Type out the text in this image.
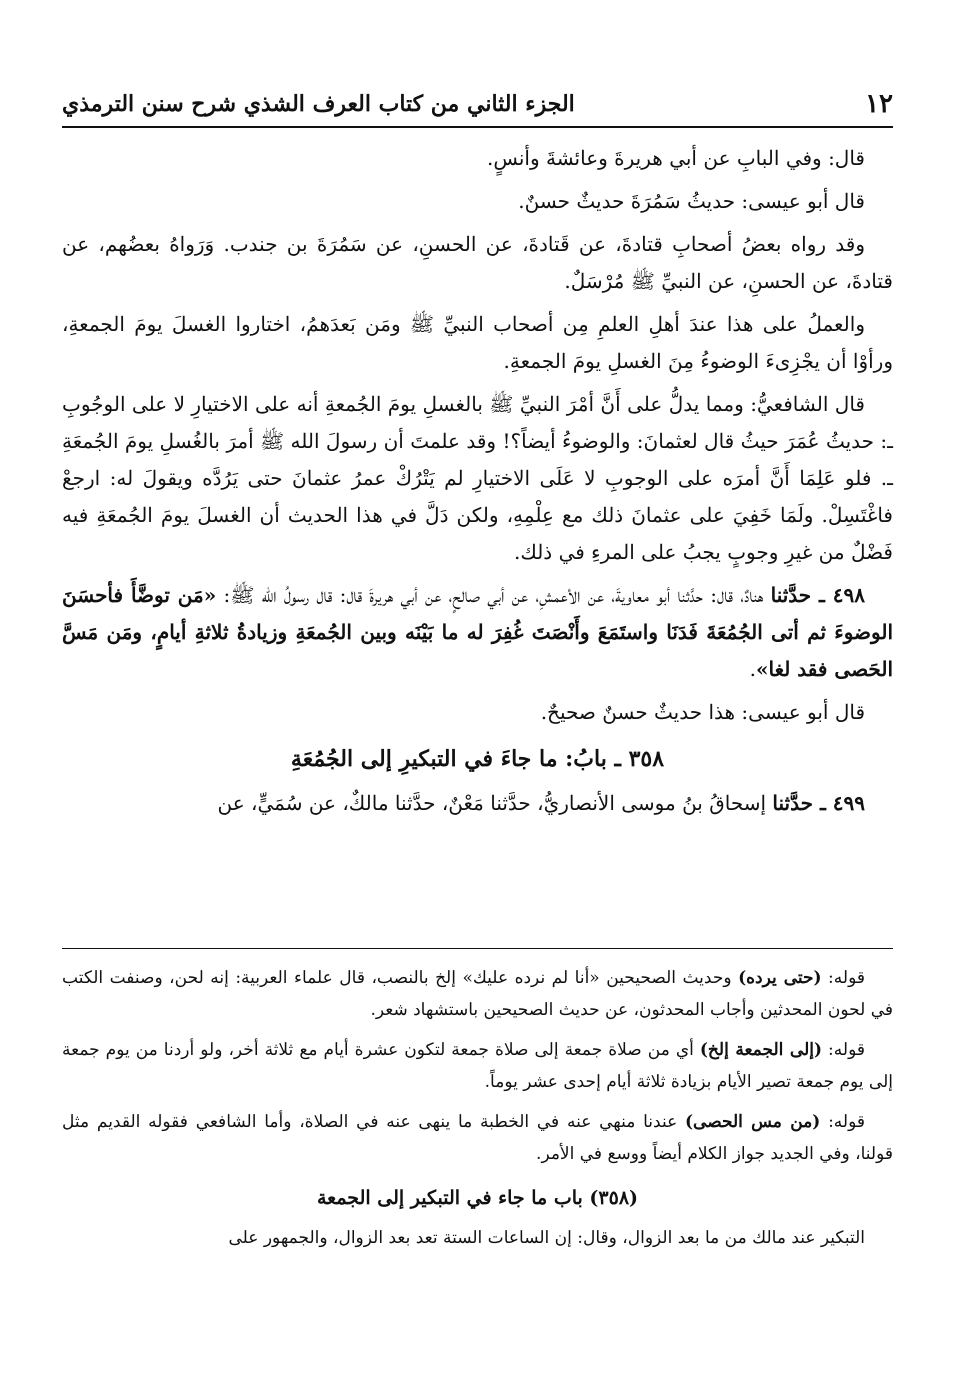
١٢
الجزء الثاني من كتاب العرف الشذي شرح سنن الترمذي

قال: وفي البابِ عن أبي هريرةَ وعائشةَ وأنسٍ.

قال أبو عيسى: حديثُ سَمُرَةَ حديثٌ حسنٌ.

وقد رواه بعضُ أصحابِ قتادةَ، عن قَتادةَ، عن الحسنِ، عن سَمُرَةَ بن جندب. وَرَواهُ بعضُهم، عن قتادةَ، عن الحسنِ، عن النبيِّ ﷺ مُرْسَلٌ.

والعملُ على هذا عندَ أهلِ العلمِ مِن أصحاب النبيِّ ﷺ ومَن بَعدَهمُ، اختاروا الغسلَ يومَ الجمعةِ، ورأوْا أن يجْزِىءَ الوضوءُ مِنَ الغسلِ يومَ الجمعةِ.

قال الشافعيُّ: ومما يدلُّ على أَنَّ أمْرَ النبيِّ ﷺ بالغسلِ يومَ الجُمعةِ أنه على الاختيارِ لا على الوجُوبِ ـ: حديثُ عُمَرَ حيثُ قال لعثمانَ: والوضوءُ أيضاً؟! وقد علمتَ أن رسولَ الله ﷺ أمرَ بالغُسلِ يومَ الجُمعَةِ ـ. فلو عَلِمَا أَنَّ أمرَه على الوجوبِ لا عَلَى الاختيارِ لم يَتْرُكْ عمرُ عثمانَ حتى يَرُدَّه ويقولَ له: ارجعْ فاغْتَسِلْ. ولَمَا خَفِيَ على عثمانَ ذلك مع عِلْمِهِ، ولكن دَلَّ في هذا الحديث أن الغسلَ يومَ الجُمعَةِ فيه فَضْلٌ من غيرِ وجوبٍ يجبُ على المرءِ في ذلك.

٤٩٨ ـ حدَّثنا هنادٌ، قال: حدَّثنا أبو معاويةَ، عن الأعمشِ، عن أبي صالحٍ، عن أبي هريرةَ قال: قال رسولُ الله ﷺ: «مَن توضَّأَ فأحسَنَ الوضوءَ ثم أتى الجُمُعَةَ فَدَنَا واستَمَعَ وأَنْصَتَ غُفِرَ له ما بَيْنَه وبين الجُمعَةِ وزيادةُ ثلاثةِ أيامٍ، ومَن مَسَّ الحَصى فقد لغا».

قال أبو عيسى: هذا حديثٌ حسنٌ صحيحٌ.

٣٥٨ ـ بابُ: ما جاءَ في التبكيرِ إلى الجُمُعَةِ

٤٩٩ ـ حدَّثنا إسحاقُ بنُ موسى الأنصاريُّ، حدَّثنا مَعْنٌ، حدَّثنا مالكٌ، عن سُمَيٍّ، عن

قوله: (حتى يرده) وحديث الصحيحين «أنا لم نرده عليك» إلخ بالنصب، قال علماء العربية: إنه لحن، وصنفت الكتب في لحون المحدثين وأجاب المحدثون، عن حديث الصحيحين باستشهاد شعر.

قوله: (إلى الجمعة إلخ) أي من صلاة جمعة إلى صلاة جمعة لتكون عشرة أيام مع ثلاثة أخر، ولو أردنا من يوم جمعة إلى يوم جمعة تصير الأيام بزيادة ثلاثة أيام إحدى عشر يوماً.

قوله: (من مس الحصى) عندنا منهي عنه في الخطبة ما ينهى عنه في الصلاة، وأما الشافعي فقوله القديم مثل قولنا، وفي الجديد جواز الكلام أيضاً ووسع في الأمر.

(٣٥٨) باب ما جاء في التبكير إلى الجمعة

التبكير عند مالك من ما بعد الزوال، وقال: إن الساعات الستة تعد بعد الزوال، والجمهور على
